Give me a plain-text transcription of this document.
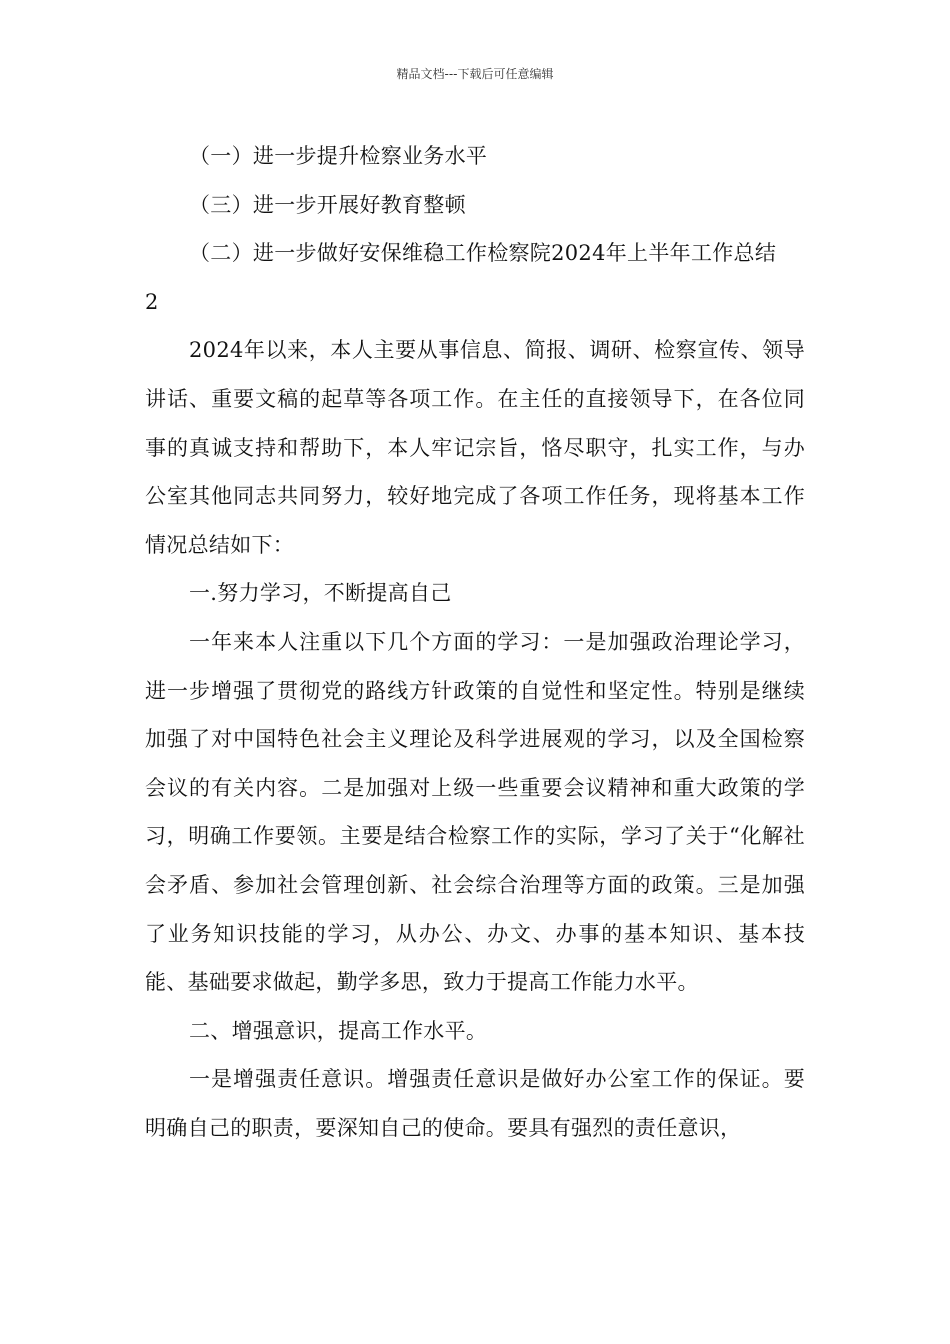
精品文档---下载后可任意编辑

（一）进一步提升检察业务水平

（三）进一步开展好教育整顿

（二）进一步做好安保维稳工作检察院2024年上半年工作总结

2

2024年以来，本人主要从事信息、简报、调研、检察宣传、领导讲话、重要文稿的起草等各项工作。在主任的直接领导下，在各位同事的真诚支持和帮助下，本人牢记宗旨，恪尽职守，扎实工作，与办公室其他同志共同努力，较好地完成了各项工作任务，现将基本工作情况总结如下：

一.努力学习，不断提高自己

一年来本人注重以下几个方面的学习：一是加强政治理论学习，进一步增强了贯彻党的路线方针政策的自觉性和坚定性。特别是继续加强了对中国特色社会主义理论及科学进展观的学习，以及全国检察会议的有关内容。二是加强对上级一些重要会议精神和重大政策的学习，明确工作要领。主要是结合检察工作的实际，学习了关于“化解社会矛盾、参加社会管理创新、社会综合治理等方面的政策。三是加强了业务知识技能的学习，从办公、办文、办事的基本知识、基本技能、基础要求做起，勤学多思，致力于提高工作能力水平。

二、增强意识，提高工作水平。

一是增强责任意识。增强责任意识是做好办公室工作的保证。要明确自己的职责，要深知自己的使命。要具有强烈的责任意识，
